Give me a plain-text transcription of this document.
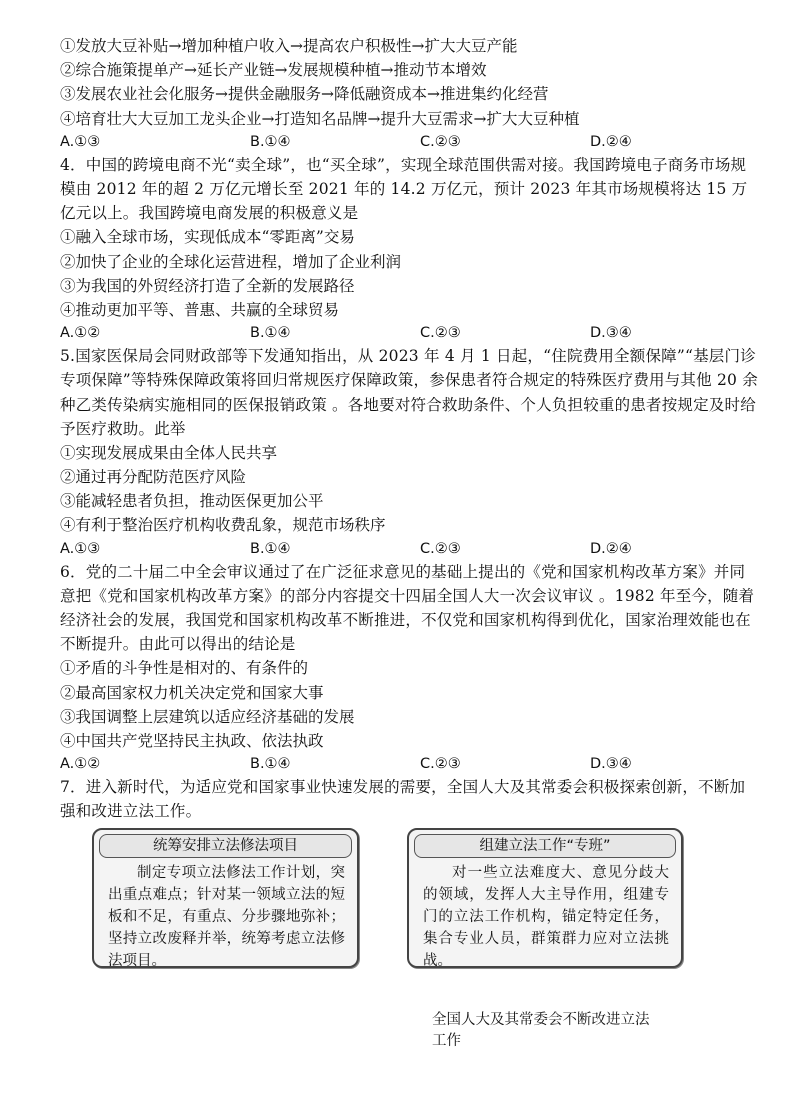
①发放大豆补贴→增加种植户收入→提高农户积极性→扩大大豆产能
②综合施策提单产→延长产业链→发展规模种植→推动节本增效
③发展农业社会化服务→提供金融服务→降低融资成本→推进集约化经营
④培育壮大大豆加工龙头企业→打造知名品牌→提升大豆需求→扩大大豆种植
A.①③	B.①④	C.②③	D.②④
4．中国的跨境电商不光“卖全球”，也“买全球”，实现全球范围供需对接。我国跨境电子商务市场规模由 2012 年的超 2 万亿元增长至 2021 年的 14.2 万亿元，预计 2023 年其市场规模将达 15 万亿元以上。我国跨境电商发展的积极意义是
①融入全球市场，实现低成本“零距离”交易
②加快了企业的全球化运营进程，增加了企业利润
③为我国的外贸经济打造了全新的发展路径
④推动更加平等、普惠、共赢的全球贸易
A.①②	B.①④	C.②③	D.③④
5.国家医保局会同财政部等下发通知指出，从 2023 年 4 月 1 日起，“住院费用全额保障”“基层门诊专项保障”等特殊保障政策将回归常规医疗保障政策，参保患者符合规定的特殊医疗费用与其他 20 余种乙类传染病实施相同的医保报销政策 。各地要对符合救助条件、个人负担较重的患者按规定及时给予医疗救助。此举
①实现发展成果由全体人民共享
②通过再分配防范医疗风险
③能减轻患者负担，推动医保更加公平
④有利于整治医疗机构收费乱象，规范市场秩序
A.①③	B.①④	C.②③	D.②④
6．党的二十届二中全会审议通过了在广泛征求意见的基础上提出的《党和国家机构改革方案》并同意把《党和国家机构改革方案》的部分内容提交十四届全国人大一次会议审议 。1982 年至今，随着经济社会的发展，我国党和国家机构改革不断推进，不仅党和国家机构得到优化，国家治理效能也在不断提升。由此可以得出的结论是
①矛盾的斗争性是相对的、有条件的
②最高国家权力机关决定党和国家大事
③我国调整上层建筑以适应经济基础的发展
④中国共产党坚持民主执政、依法执政
A.①②	B.①④	C.②③	D.③④
7．进入新时代，为适应党和国家事业快速发展的需要，全国人大及其常委会积极探索创新，不断加强和改进立法工作。
统筹安排立法修法项目
制定专项立法修法工作计划，突出重点难点；针对某一领域立法的短板和不足，有重点、分步骤地弥补；坚持立改废释并举，统筹考虑立法修法项目。
组建立法工作“专班”
对一些立法难度大、意见分歧大的领域，发挥人大主导作用，组建专门的立法工作机构，锚定特定任务，集合专业人员，群策群力应对立法挑战。
全国人大及其常委会不断改进立法工作
